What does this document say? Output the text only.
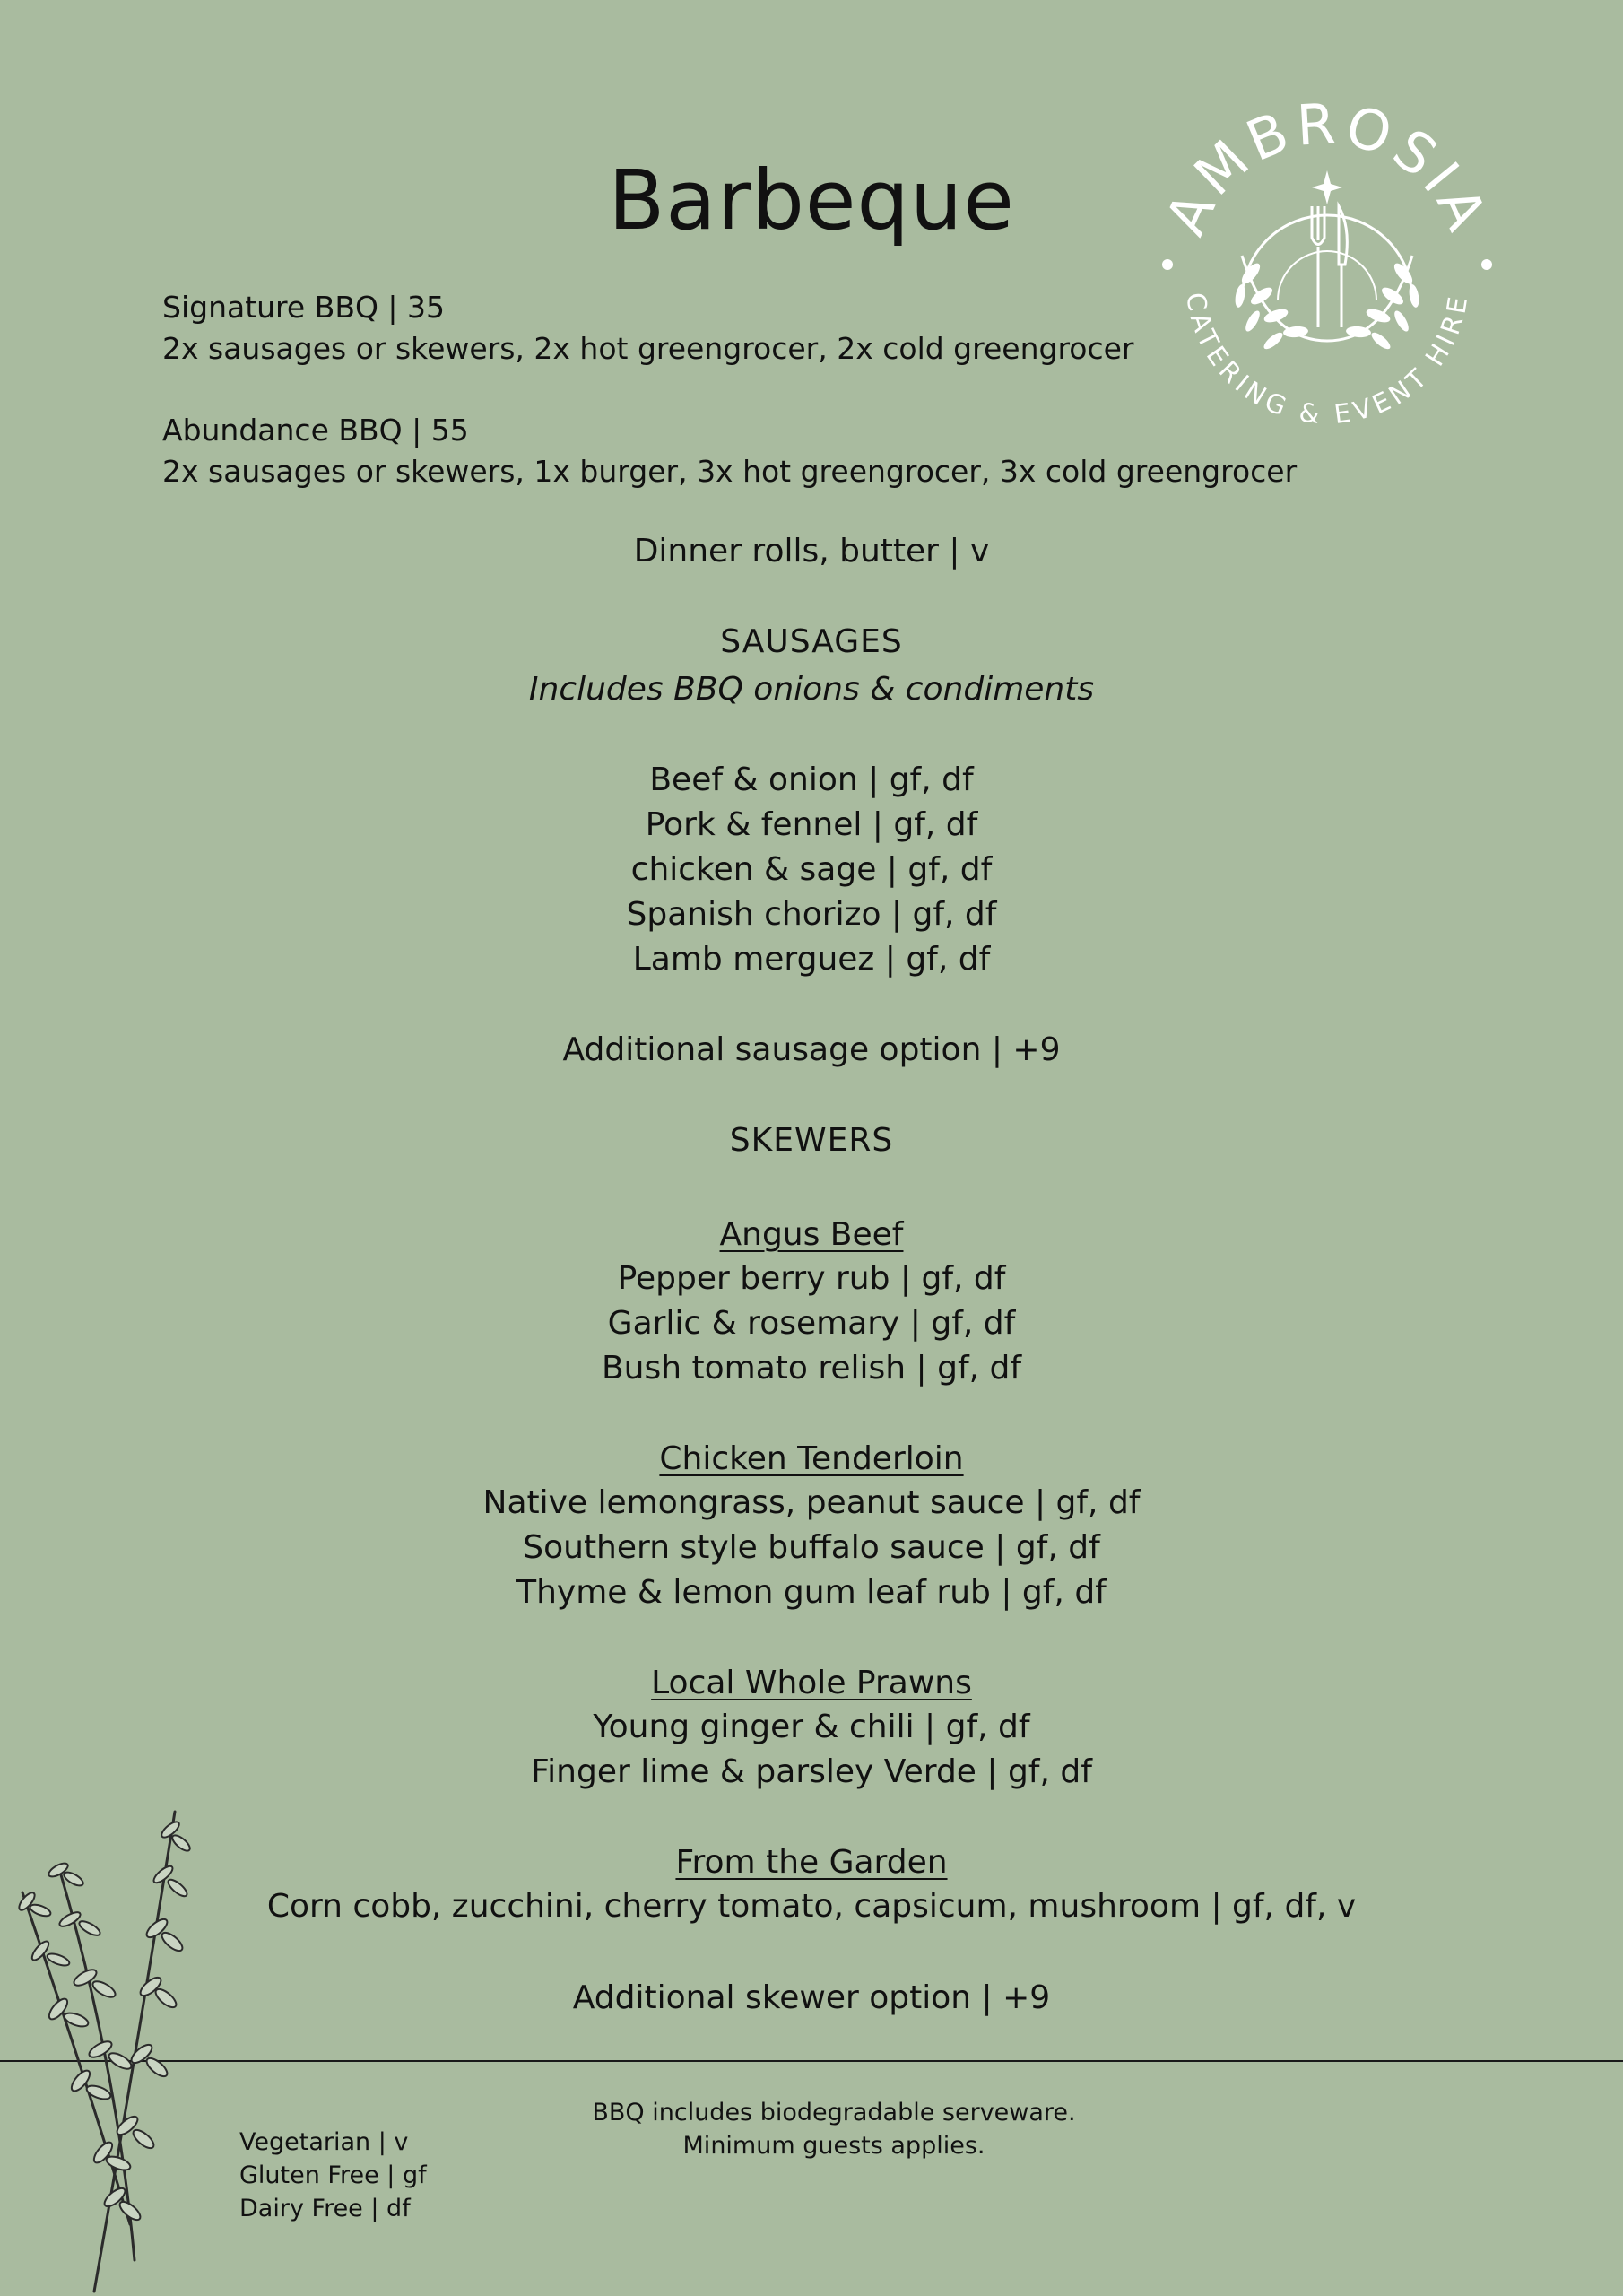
AMBROSIA
CATERING & EVENT HIRE
Barbeque
Signature BBQ | 35
2x sausages or skewers, 2x hot greengrocer, 2x cold greengrocer
Abundance BBQ | 55
2x sausages or skewers, 1x burger, 3x hot greengrocer, 3x cold greengrocer
Dinner rolls, butter | v
SAUSAGES
Includes BBQ onions & condiments
Beef & onion | gf, df
Pork & fennel | gf, df
chicken & sage | gf, df
Spanish chorizo | gf, df
Lamb merguez | gf, df
Additional sausage option | +9
SKEWERS
Angus Beef
Pepper berry rub | gf, df
Garlic & rosemary | gf, df
Bush tomato relish | gf, df
Chicken Tenderloin
Native lemongrass, peanut sauce | gf, df
Southern style buffalo sauce | gf, df
Thyme & lemon gum leaf rub | gf, df
Local Whole Prawns
Young ginger & chili | gf, df
Finger lime & parsley Verde | gf, df
From the Garden
Corn cobb, zucchini, cherry tomato, capsicum, mushroom | gf, df, v
Additional skewer option | +9
Vegetarian | v
Gluten Free | gf
Dairy Free | df
BBQ includes biodegradable serveware.
Minimum guests applies.
